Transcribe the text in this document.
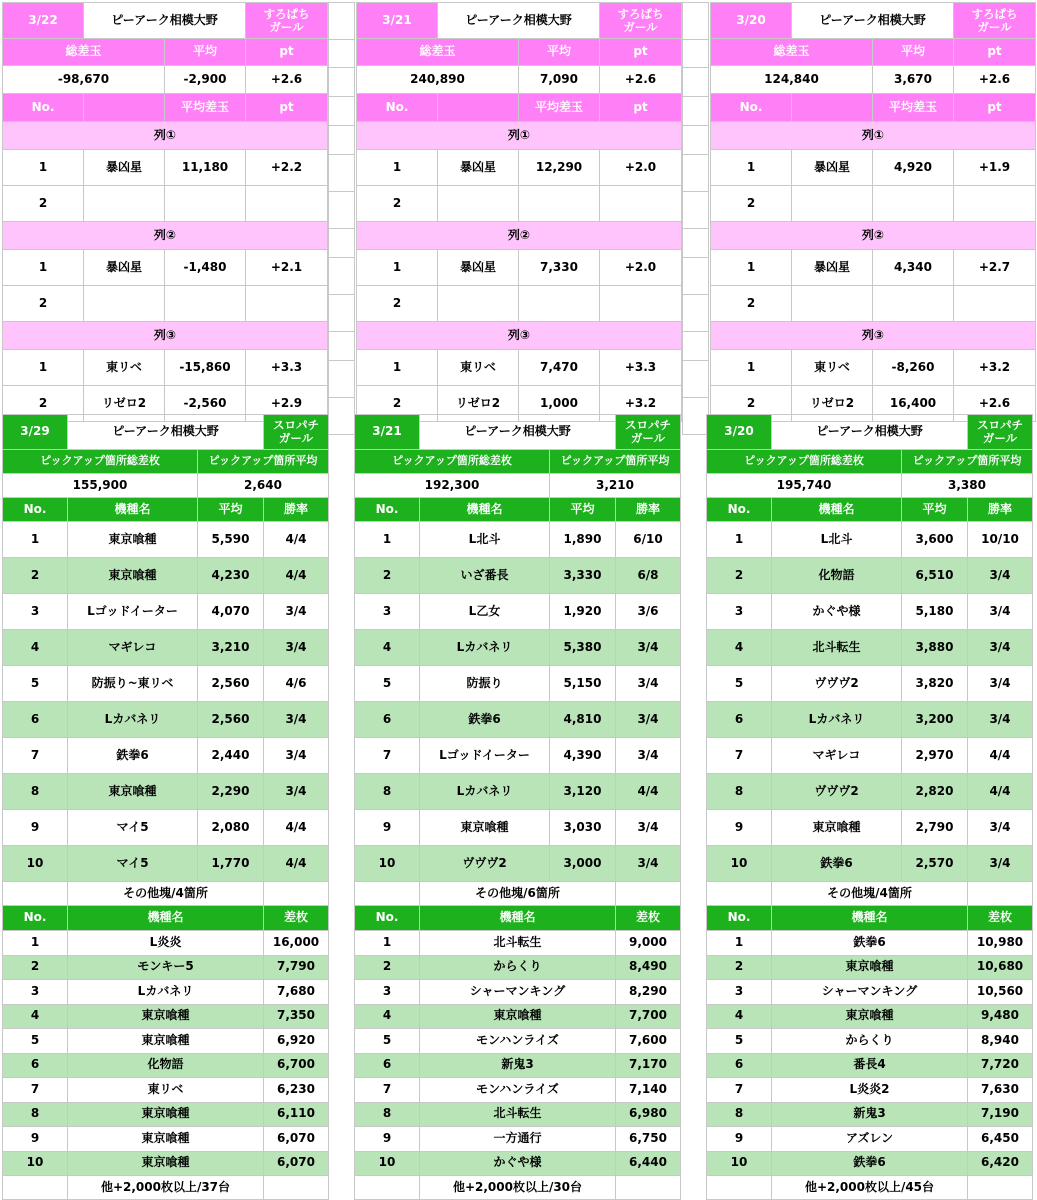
3/22	ピーアーク相模大野		すろぱち
ガール
総差玉		平均	pt
-98,670		-2,900	+2.6
No.		平均差玉	pt
列①			
1	暴凶星	11,180	+2.2
2			
列②			
1	暴凶星	-1,480	+2.1
2			
列③			
1	東リベ	-15,860	+3.3
2	リゼロ2	-2,560	+2.9
3/21	ピーアーク相模大野		すろぱち
ガール
総差玉		平均	pt
240,890		7,090	+2.6
No.		平均差玉	pt
列①			
1	暴凶星	12,290	+2.0
2			
列②			
1	暴凶星	7,330	+2.0
2			
列③			
1	東リベ	7,470	+3.3
2	リゼロ2	1,000	+3.2
3/20	ピーアーク相模大野		すろぱち
ガール
総差玉		平均	pt
124,840		3,670	+2.6
No.		平均差玉	pt
列①			
1	暴凶星	4,920	+1.9
2			
列②			
1	暴凶星	4,340	+2.7
2			
列③			
1	東リベ	-8,260	+3.2
2	リゼロ2	16,400	+2.6
3/29	ピーアーク相模大野		スロパチ
ガール
ピックアップ箇所総差枚		ピックアップ箇所平均	
155,900		2,640	
No.	機種名	平均	勝率
1	東京喰種	5,590	4/4
2	東京喰種	4,230	4/4
3	Lゴッドイーター	4,070	3/4
4	マギレコ	3,210	3/4
5	防振り~東リベ	2,560	4/6
6	Lカバネリ	2,560	3/4
7	鉄拳6	2,440	3/4
8	東京喰種	2,290	3/4
9	マイ5	2,080	4/4
10	マイ5	1,770	4/4
	その他塊/4箇所		
No.	機種名		差枚
1	L炎炎		16,000
2	モンキー5		7,790
3	Lカバネリ		7,680
4	東京喰種		7,350
5	東京喰種		6,920
6	化物語		6,700
7	東リベ		6,230
8	東京喰種		6,110
9	東京喰種		6,070
10	東京喰種		6,070
	他+2,000枚以上/37台		
3/21	ピーアーク相模大野		スロパチ
ガール
ピックアップ箇所総差枚		ピックアップ箇所平均	
192,300		3,210	
No.	機種名	平均	勝率
1	L北斗	1,890	6/10
2	いざ番長	3,330	6/8
3	L乙女	1,920	3/6
4	Lカバネリ	5,380	3/4
5	防振り	5,150	3/4
6	鉄拳6	4,810	3/4
7	Lゴッドイーター	4,390	3/4
8	Lカバネリ	3,120	4/4
9	東京喰種	3,030	3/4
10	ヴヴヴ2	3,000	3/4
	その他塊/6箇所		
No.	機種名		差枚
1	北斗転生		9,000
2	からくり		8,490
3	シャーマンキング		8,290
4	東京喰種		7,700
5	モンハンライズ		7,600
6	新鬼3		7,170
7	モンハンライズ		7,140
8	北斗転生		6,980
9	一方通行		6,750
10	かぐや様		6,440
	他+2,000枚以上/30台		
3/20	ピーアーク相模大野		スロパチ
ガール
ピックアップ箇所総差枚		ピックアップ箇所平均	
195,740		3,380	
No.	機種名	平均	勝率
1	L北斗	3,600	10/10
2	化物語	6,510	3/4
3	かぐや様	5,180	3/4
4	北斗転生	3,880	3/4
5	ヴヴヴ2	3,820	3/4
6	Lカバネリ	3,200	3/4
7	マギレコ	2,970	4/4
8	ヴヴヴ2	2,820	4/4
9	東京喰種	2,790	3/4
10	鉄拳6	2,570	3/4
	その他塊/4箇所		
No.	機種名		差枚
1	鉄拳6		10,980
2	東京喰種		10,680
3	シャーマンキング		10,560
4	東京喰種		9,480
5	からくり		8,940
6	番長4		7,720
7	L炎炎2		7,630
8	新鬼3		7,190
9	アズレン		6,450
10	鉄拳6		6,420
	他+2,000枚以上/45台		
